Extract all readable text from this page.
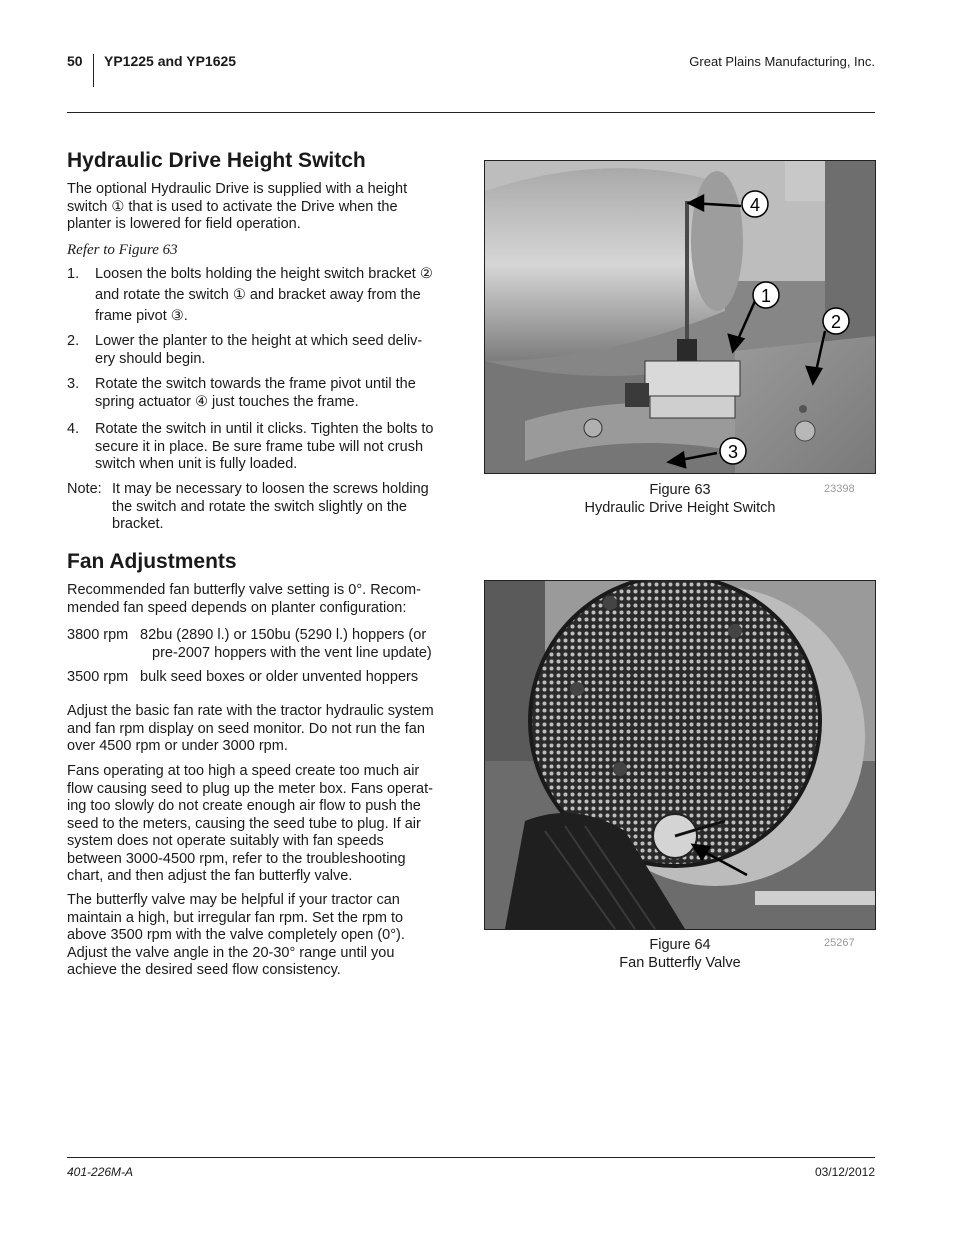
50 YP1225 and YP1625	Great Plains Manufacturing, Inc.
Hydraulic Drive Height Switch
The optional Hydraulic Drive is supplied with a height
switch ① that is used to activate the Drive when the
planter is lowered for field operation.
Refer to Figure 63
1. Loosen the bolts holding the height switch bracket ②
and rotate the switch ① and bracket away from the
frame pivot ③.
2. Lower the planter to the height at which seed deliv-
ery should begin.
3. Rotate the switch towards the frame pivot until the
spring actuator ④ just touches the frame.
4. Rotate the switch in until it clicks. Tighten the bolts to
secure it in place. Be sure frame tube will not crush
switch when unit is fully loaded.
Note: It may be necessary to loosen the screws holding
the switch and rotate the switch slightly on the
bracket.
Fan Adjustments
Recommended fan butterfly valve setting is 0°. Recom-
mended fan speed depends on planter configuration:
3800 rpm 82bu (2890 l.) or 150bu (5290 l.) hoppers (or
pre-2007 hoppers with the vent line update)
3500 rpm bulk seed boxes or older unvented hoppers
Adjust the basic fan rate with the tractor hydraulic system
and fan rpm display on seed monitor. Do not run the fan
over 4500 rpm or under 3000 rpm.
Fans operating at too high a speed create too much air
flow causing seed to plug up the meter box. Fans operat-
ing too slowly do not create enough air flow to push the
seed to the meters, causing the seed tube to plug. If air
system does not operate suitably with fan speeds
between 3000-4500 rpm, refer to the troubleshooting
chart, and then adjust the fan butterfly valve.
The butterfly valve may be helpful if your tractor can
maintain a high, but irregular fan rpm. Set the rpm to
above 3500 rpm with the valve completely open (0°).
Adjust the valve angle in the 20-30° range until you
achieve the desired seed flow consistency.
4
1
2
3
Figure 63
Hydraulic Drive Height Switch
23398
Figure 64
Fan Butterfly Valve
25267
401-226M-A	03/12/2012
